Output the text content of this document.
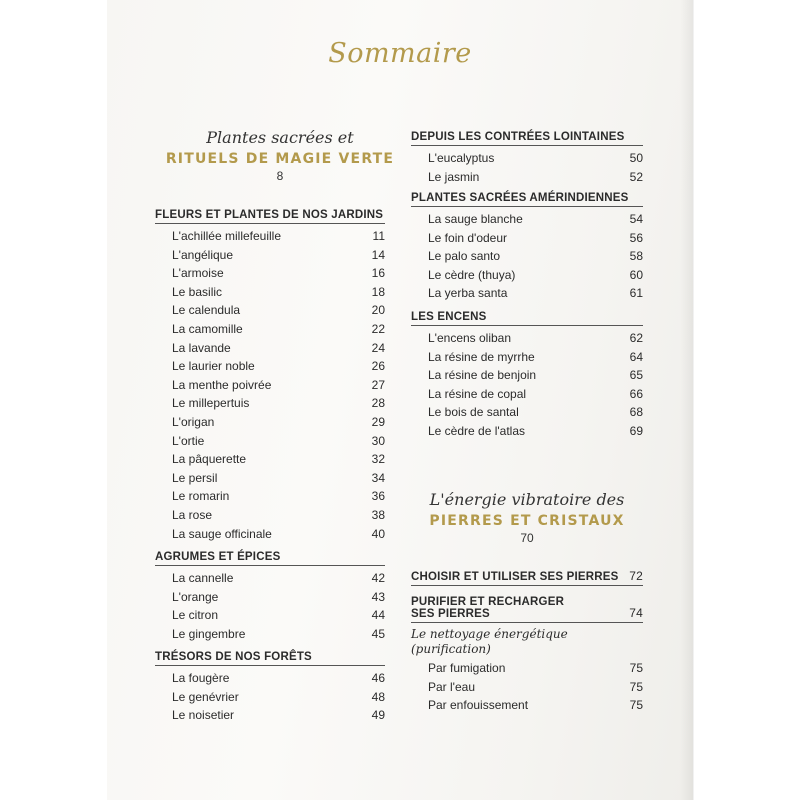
Sommaire
Plantes sacrées et
RITUELS DE MAGIE VERTE
8
FLEURS ET PLANTES DE NOS JARDINS
L'achillée millefeuille	11
L'angélique	14
L'armoise	16
Le basilic	18
Le calendula	20
La camomille	22
La lavande	24
Le laurier noble	26
La menthe poivrée	27
Le millepertuis	28
L'origan	29
L'ortie	30
La pâquerette	32
Le persil	34
Le romarin	36
La rose	38
La sauge officinale	40
AGRUMES ET ÉPICES
La cannelle	42
L'orange	43
Le citron	44
Le gingembre	45
TRÉSORS DE NOS FORÊTS
La fougère	46
Le genévrier	48
Le noisetier	49
DEPUIS LES CONTRÉES LOINTAINES
L'eucalyptus	50
Le jasmin	52
PLANTES SACRÉES AMÉRINDIENNES
La sauge blanche	54
Le foin d'odeur	56
Le palo santo	58
Le cèdre (thuya)	60
La yerba santa	61
LES ENCENS
L'encens oliban	62
La résine de myrrhe	64
La résine de benjoin	65
La résine de copal	66
Le bois de santal	68
Le cèdre de l'atlas	69
L'énergie vibratoire des
PIERRES ET CRISTAUX
70
CHOISIR ET UTILISER SES PIERRES 72
PURIFIER ET RECHARGER
SES PIERRES	74
Le nettoyage énergétique
(purification)
Par fumigation	75
Par l'eau	75
Par enfouissement	75
